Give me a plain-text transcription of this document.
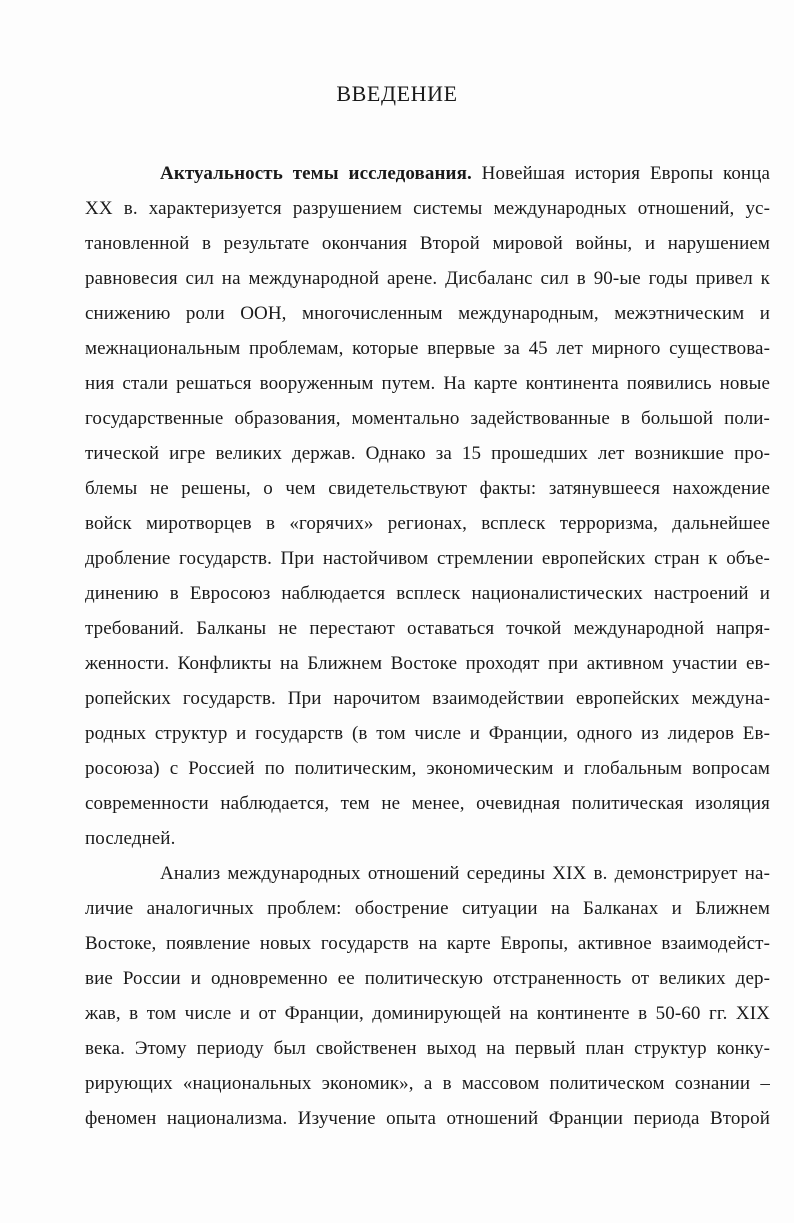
ВВЕДЕНИЕ
Актуальность темы исследования. Новейшая история Европы конца
ХХ в. характеризуется разрушением системы международных отношений, ус-
тановленной в результате окончания Второй мировой войны, и нарушением
равновесия сил на международной арене. Дисбаланс сил в 90-ые годы привел к
снижению роли ООН, многочисленным международным, межэтническим и
межнациональным проблемам, которые впервые за 45 лет мирного существова-
ния стали решаться вооруженным путем. На карте континента появились новые
государственные образования, моментально задействованные в большой поли-
тической игре великих держав. Однако за 15 прошедших лет возникшие про-
блемы не решены, о чем свидетельствуют факты: затянувшееся нахождение
войск миротворцев в «горячих» регионах, всплеск терроризма, дальнейшее
дробление государств. При настойчивом стремлении европейских стран к объе-
динению в Евросоюз наблюдается всплеск националистических настроений и
требований. Балканы не перестают оставаться точкой международной напря-
женности. Конфликты на Ближнем Востоке проходят при активном участии ев-
ропейских государств. При нарочитом взаимодействии европейских междуна-
родных структур и государств (в том числе и Франции, одного из лидеров Ев-
росоюза) с Россией по политическим, экономическим и глобальным вопросам
современности наблюдается, тем не менее, очевидная политическая изоляция
последней.
Анализ международных отношений середины XIX в. демонстрирует на-
личие аналогичных проблем: обострение ситуации на Балканах и Ближнем
Востоке, появление новых государств на карте Европы, активное взаимодейст-
вие России и одновременно ее политическую отстраненность от великих дер-
жав, в том числе и от Франции, доминирующей на континенте в 50-60 гг. XIX
века. Этому периоду был свойственен выход на первый план структур конку-
рирующих «национальных экономик», а в массовом политическом сознании –
феномен национализма. Изучение опыта отношений Франции периода Второй
